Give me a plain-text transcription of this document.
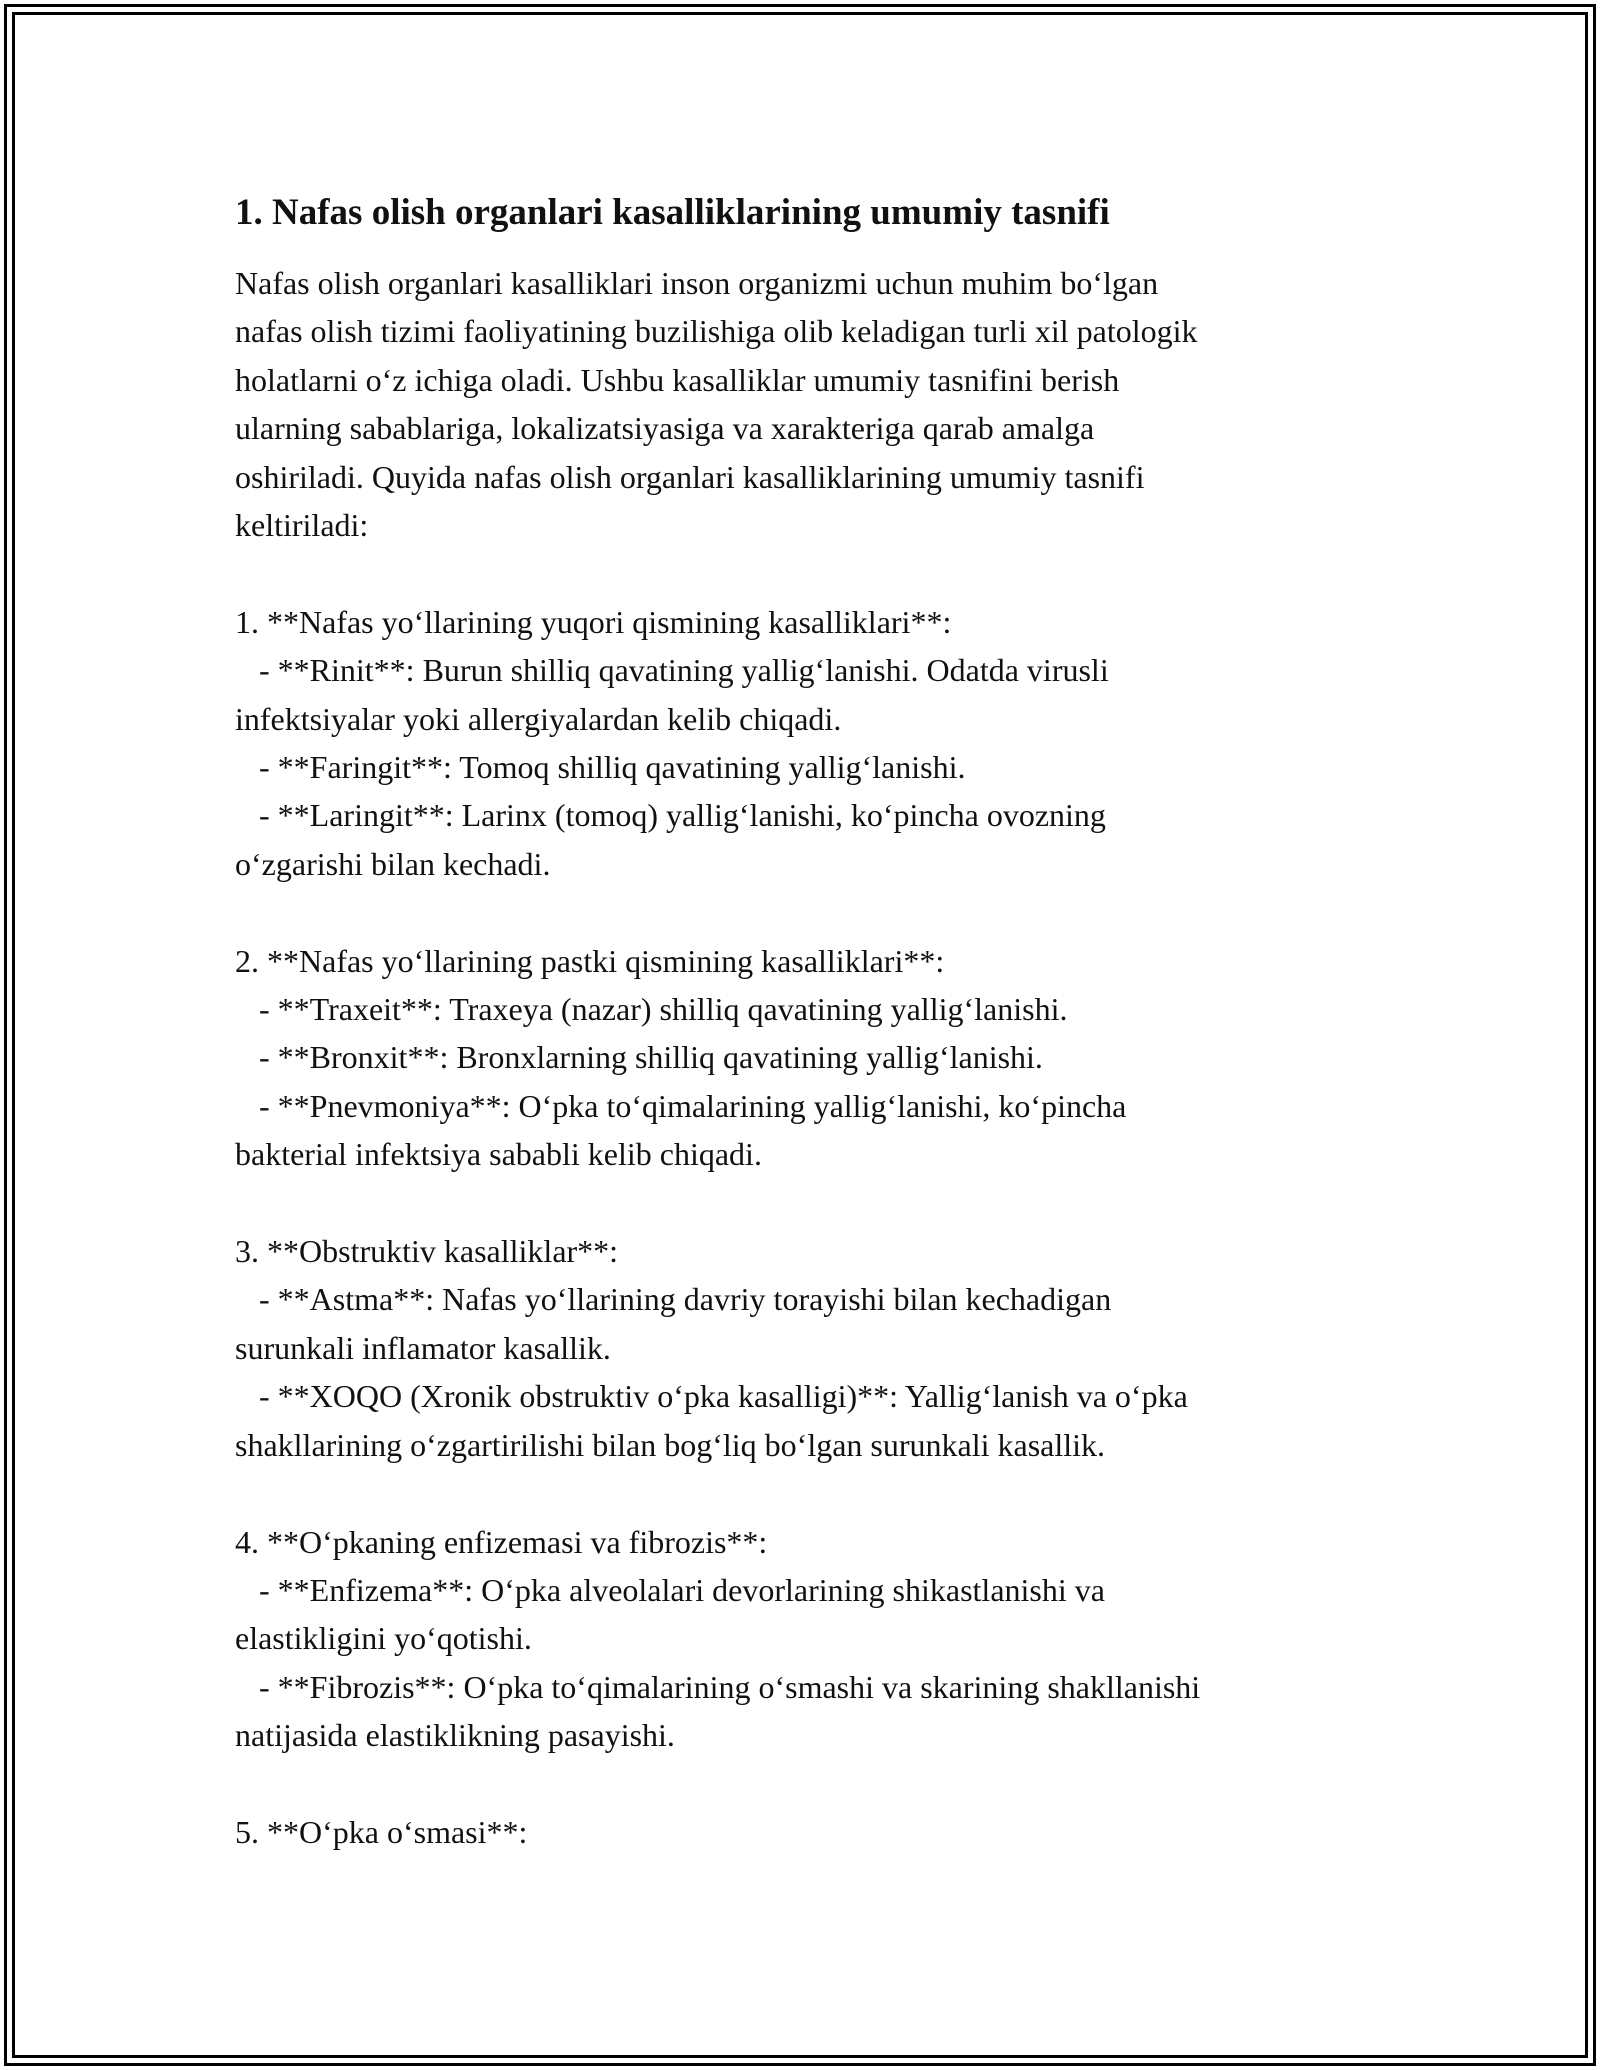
1. Nafas olish organlari kasalliklarining umumiy tasnifi
Nafas olish organlari kasalliklari inson organizmi uchun muhim bo‘lgan
nafas olish tizimi faoliyatining buzilishiga olib keladigan turli xil patologik
holatlarni o‘z ichiga oladi. Ushbu kasalliklar umumiy tasnifini berish
ularning sabablariga, lokalizatsiyasiga va xarakteriga qarab amalga
oshiriladi. Quyida nafas olish organlari kasalliklarining umumiy tasnifi
keltiriladi:
1. **Nafas yo‘llarining yuqori qismining kasalliklari**:
- **Rinit**: Burun shilliq qavatining yallig‘lanishi. Odatda virusli
infektsiyalar yoki allergiyalardan kelib chiqadi.
- **Faringit**: Tomoq shilliq qavatining yallig‘lanishi.
- **Laringit**: Larinx (tomoq) yallig‘lanishi, ko‘pincha ovozning
o‘zgarishi bilan kechadi.
2. **Nafas yo‘llarining pastki qismining kasalliklari**:
- **Traxeit**: Traxeya (nazar) shilliq qavatining yallig‘lanishi.
- **Bronxit**: Bronxlarning shilliq qavatining yallig‘lanishi.
- **Pnevmoniya**: O‘pka to‘qimalarining yallig‘lanishi, ko‘pincha
bakterial infektsiya sababli kelib chiqadi.
3. **Obstruktiv kasalliklar**:
- **Astma**: Nafas yo‘llarining davriy torayishi bilan kechadigan
surunkali inflamator kasallik.
- **XOQO (Xronik obstruktiv o‘pka kasalligi)**: Yallig‘lanish va o‘pka
shakllarining o‘zgartirilishi bilan bog‘liq bo‘lgan surunkali kasallik.
4. **O‘pkaning enfizemasi va fibrozis**:
- **Enfizema**: O‘pka alveolalari devorlarining shikastlanishi va
elastikligini yo‘qotishi.
- **Fibrozis**: O‘pka to‘qimalarining o‘smashi va skarining shakllanishi
natijasida elastiklikning pasayishi.
5. **O‘pka o‘smasi**:
